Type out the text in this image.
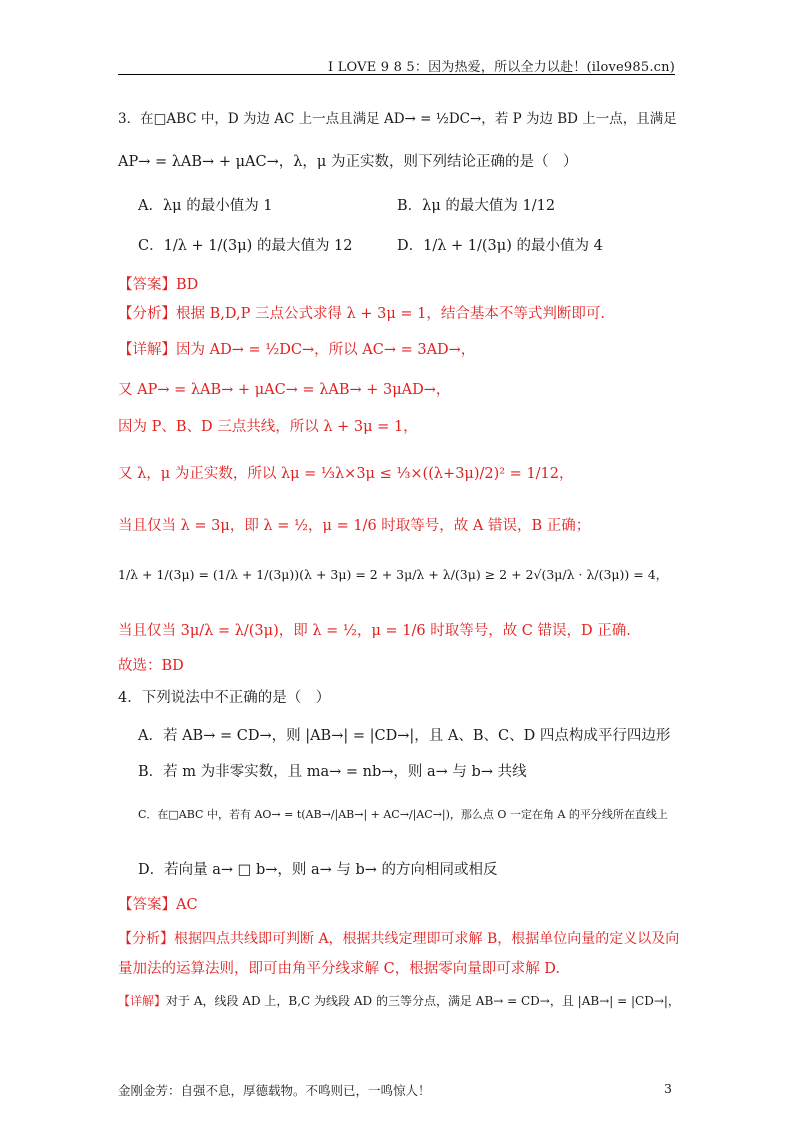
I LOVE 9 8 5：因为热爱，所以全力以赴！(ilove985.cn)
3．在□ABC 中，D 为边 AC 上一点且满足 AD→ = ½DC→，若 P 为边 BD 上一点，且满足
AP→ = λAB→ + μAC→，λ，μ 为正实数，则下列结论正确的是（　）
A．λμ 的最小值为 1	B．λμ 的最大值为 1/12
C．1/λ + 1/(3μ) 的最大值为 12	D．1/λ + 1/(3μ) 的最小值为 4
【答案】BD
【分析】根据 B,D,P 三点公式求得 λ + 3μ = 1，结合基本不等式判断即可.
【详解】因为 AD→ = ½DC→，所以 AC→ = 3AD→，
又 AP→ = λAB→ + μAC→ = λAB→ + 3μAD→，
因为 P、B、D 三点共线，所以 λ + 3μ = 1，
又 λ，μ 为正实数，所以 λμ = ⅓λ×3μ ≤ ⅓×((λ+3μ)/2)² = 1/12，
当且仅当 λ = 3μ，即 λ = ½，μ = 1/6 时取等号，故 A 错误，B 正确；
1/λ + 1/(3μ) = (1/λ + 1/(3μ))(λ + 3μ) = 2 + 3μ/λ + λ/(3μ) ≥ 2 + 2√(3μ/λ · λ/(3μ)) = 4，
当且仅当 3μ/λ = λ/(3μ)，即 λ = ½，μ = 1/6 时取等号，故 C 错误，D 正确.
故选：BD
4．下列说法中不正确的是（　）
A．若 AB→ = CD→，则 |AB→| = |CD→|，且 A、B、C、D 四点构成平行四边形
B．若 m 为非零实数，且 ma→ = nb→，则 a→ 与 b→ 共线
C．在□ABC 中，若有 AO→ = t(AB→/|AB→| + AC→/|AC→|)，那么点 O 一定在角 A 的平分线所在直线上
D．若向量 a→ □ b→，则 a→ 与 b→ 的方向相同或相反
【答案】AC
【分析】根据四点共线即可判断 A，根据共线定理即可求解 B，根据单位向量的定义以及向
量加法的运算法则，即可由角平分线求解 C，根据零向量即可求解 D.
【详解】对于 A，线段 AD 上，B,C 为线段 AD 的三等分点，满足 AB→ = CD→，且 |AB→| = |CD→|，
金刚金芳：自强不息，厚德载物。不鸣则已，一鸣惊人！	3
